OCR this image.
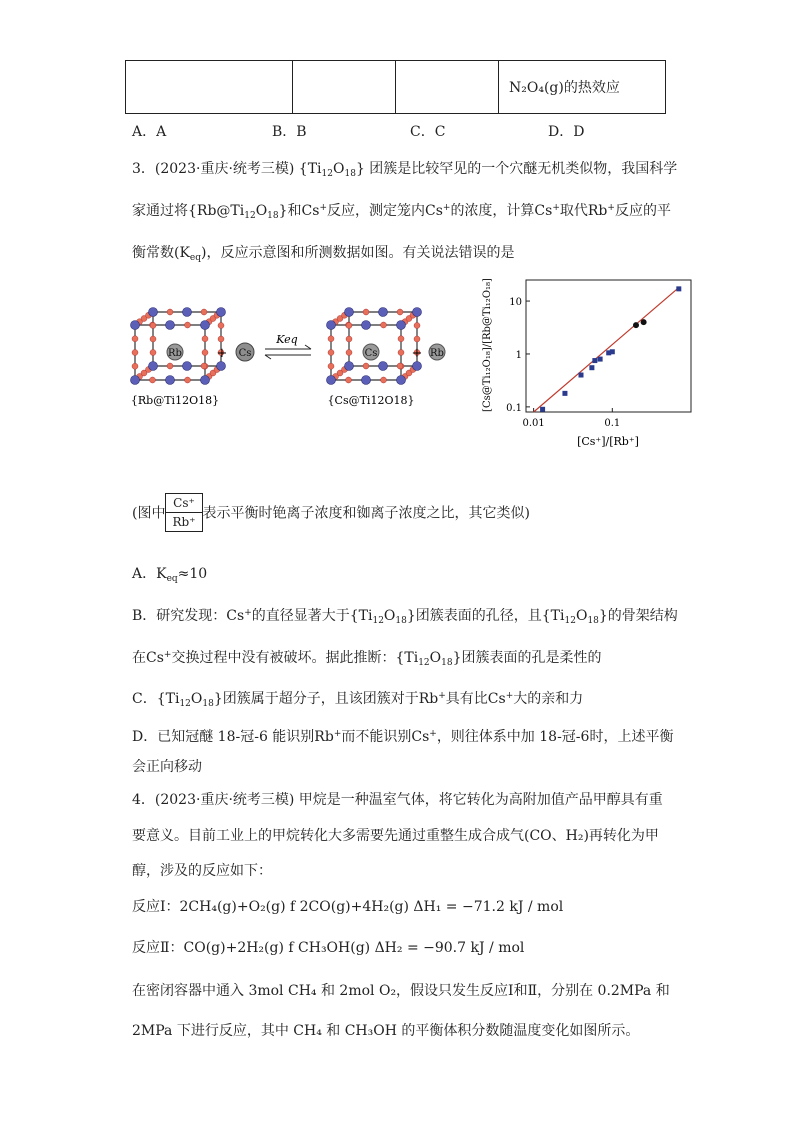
			N₂O₄(g)的热效应
A．A	B．B	C．C	D．D
3．(2023·重庆·统考三模) $\{Ti_{12}O_{18}\}$ 团簇是比较罕见的一个穴醚无机类似物，我国科学
家通过将$\{Rb@Ti_{12}O_{18}\}$和Cs+反应，测定笼内Cs+的浓度，计算Cs+取代Rb+反应的平
衡常数$(K_{eq})$，反应示意图和所测数据如图。有关说法错误的是
+ Cs
Keq
+ Rb
Rb	Cs
{Rb@Ti12O18}	{Cs@Ti12O18}
0.01	0.1
0.1
1
10
[Cs⁺]/[Rb⁺]
[Cs@Ti₁₂O₁₈]/[Rb@Ti₁₂O₁₈]
(图中 $\frac{Cs^+}{Rb^+}$ 表示平衡时铯离子浓度和铷离子浓度之比，其它类似)
A．$K_{eq}\approx 10$
B．研究发现：Cs+的直径显著大于$\{Ti_{12}O_{18}\}$团簇表面的孔径，且$\{Ti_{12}O_{18}\}$的骨架结构
在Cs+交换过程中没有被破坏。据此推断：$\{Ti_{12}O_{18}\}$团簇表面的孔是柔性的
C．$\{Ti_{12}O_{18}\}$团簇属于超分子，且该团簇对于Rb+具有比Cs+大的亲和力
D．已知冠醚 18-冠-6 能识别Rb+而不能识别Cs+，则往体系中加 18-冠-6时，上述平衡
会正向移动
4．(2023·重庆·统考三模) 甲烷是一种温室气体，将它转化为高附加值产品甲醇具有重
要意义。目前工业上的甲烷转化大多需要先通过重整生成合成气(CO、H₂)再转化为甲
醇，涉及的反应如下：
反应Ⅰ：2CH₄(g)+O₂(g) f 2CO(g)+4H₂(g) ΔH₁ = −71.2 kJ / mol
反应Ⅱ：CO(g)+2H₂(g) f CH₃OH(g) ΔH₂ = −90.7 kJ / mol
在密闭容器中通入 3mol CH₄ 和 2mol O₂，假设只发生反应Ⅰ和Ⅱ，分别在 0.2MPa 和
2MPa 下进行反应，其中 CH₄ 和 CH₃OH 的平衡体积分数随温度变化如图所示。
